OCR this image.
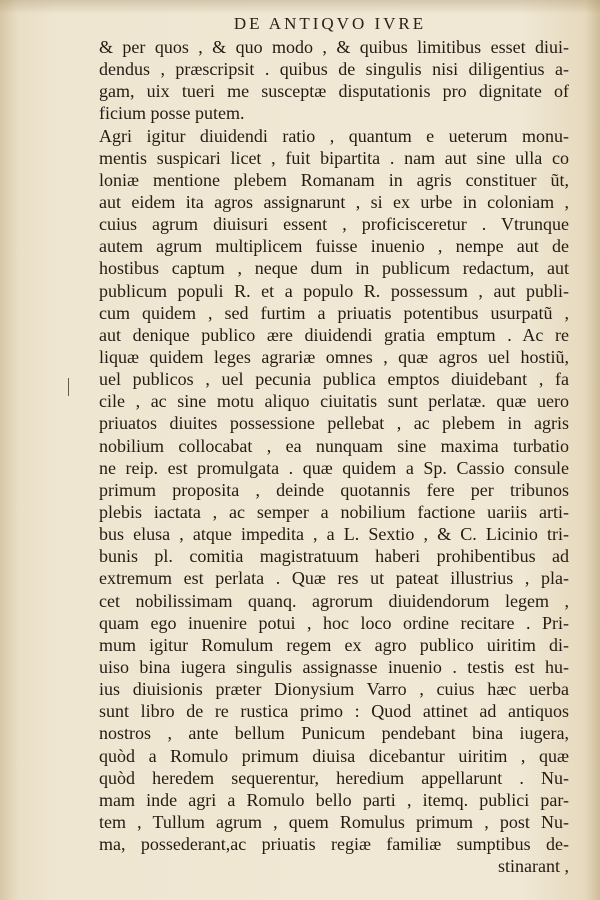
DE ANTIQVO IVRE
& per quos , & quo modo , & quibus limitibus esset diui-
dendus , præscripsit . quibus de singulis nisi diligentius a-
gam, uix tueri me susceptæ disputationis pro dignitate of
ficium posse putem.
Agri igitur diuidendi ratio , quantum e ueterum monu-
mentis suspicari licet , fuit bipartita . nam aut sine ulla co
loniæ mentione plebem Romanam in agris constituer ũt,
aut eidem ita agros assignarunt , si ex urbe in coloniam ,
cuius agrum diuisuri essent , proficisceretur . Vtrunque
autem agrum multiplicem fuisse inuenio , nempe aut de
hostibus captum , neque dum in publicum redactum, aut
publicum populi R. et a populo R. possessum , aut publi-
cum quidem , sed furtim a priuatis potentibus usurpatũ ,
aut denique publico ære diuidendi gratia emptum . Ac re
liquæ quidem leges agrariæ omnes , quæ agros uel hostiũ,
uel publicos , uel pecunia publica emptos diuidebant , fa
cile , ac sine motu aliquo ciuitatis sunt perlatæ. quæ uero
priuatos diuites possessione pellebat , ac plebem in agris
nobilium collocabat , ea nunquam sine maxima turbatio
ne reip. est promulgata . quæ quidem a Sp. Cassio consule
primum proposita , deinde quotannis fere per tribunos
plebis iactata , ac semper a nobilium factione uariis arti-
bus elusa , atque impedita , a L. Sextio , & C. Licinio tri-
bunis pl. comitia magistratuum haberi prohibentibus ad
extremum est perlata . Quæ res ut pateat illustrius , pla-
cet nobilissimam quanq. agrorum diuidendorum legem ,
quam ego inuenire potui , hoc loco ordine recitare . Pri-
mum igitur Romulum regem ex agro publico uiritim di-
uiso bina iugera singulis assignasse inuenio . testis est hu-
ius diuisionis præter Dionysium Varro , cuius hæc uerba
sunt libro de re rustica primo : Quod attinet ad antiquos
nostros , ante bellum Punicum pendebant bina iugera,
quòd a Romulo primum diuisa dicebantur uiritim , quæ
quòd heredem sequerentur, heredium appellarunt . Nu-
mam inde agri a Romulo bello parti , itemq. publici par-
tem , Tullum agrum , quem Romulus primum , post Nu-
ma, possederant,ac priuatis regiæ familiæ sumptibus de-
stinarant ,
